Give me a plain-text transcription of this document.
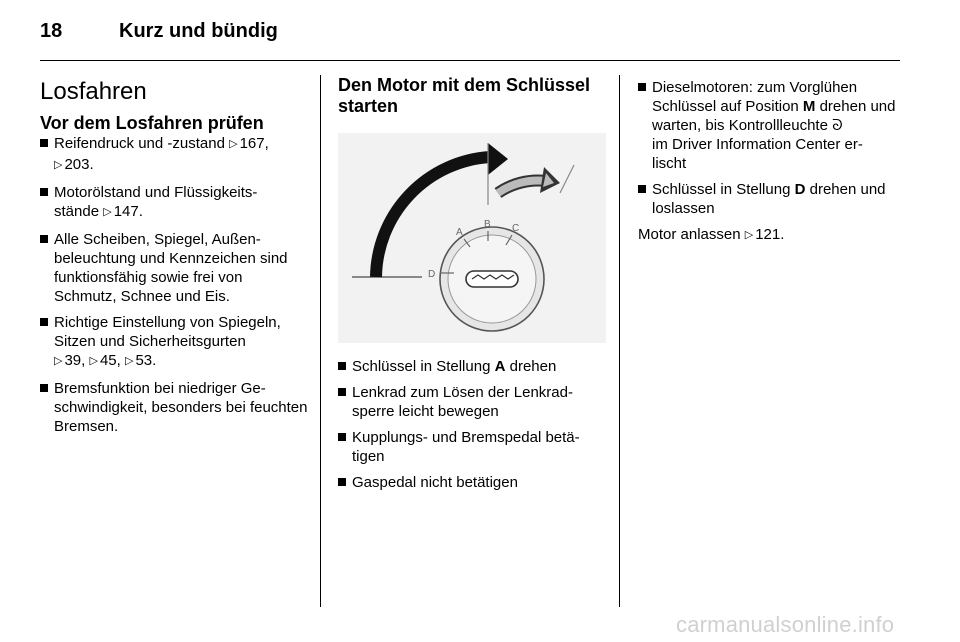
18	Kurz und bündig
Losfahren
Vor dem Losfahren prüfen
Reifendruck und -zustand ▷ 167,
▷ 203.
Motorölstand und Flüssigkeits-
stände ▷ 147.
Alle Scheiben, Spiegel, Außen-
beleuchtung und Kennzeichen sind funktionsfähig sowie frei von Schmutz, Schnee und Eis.
Richtige Einstellung von Spiegeln, Sitzen und Sicherheitsgurten
▷ 39, ▷ 45, ▷ 53.
Bremsfunktion bei niedriger Ge-
schwindigkeit, besonders bei feuchten Bremsen.
Den Motor mit dem Schlüssel
starten
A
B C
D
Schlüssel in Stellung A drehen
Lenkrad zum Lösen der Lenkrad-
sperre leicht bewegen
Kupplungs- und Bremspedal betä-
tigen
Gaspedal nicht betätigen
Dieselmotoren: zum Vorglühen Schlüssel auf Position M drehen und warten, bis Kontrollleuchte ᘐ
im Driver Information Center er-
lischt
Schlüssel in Stellung D drehen und loslassen

Motor anlassen ▷ 121.

carmanualsonline.info
